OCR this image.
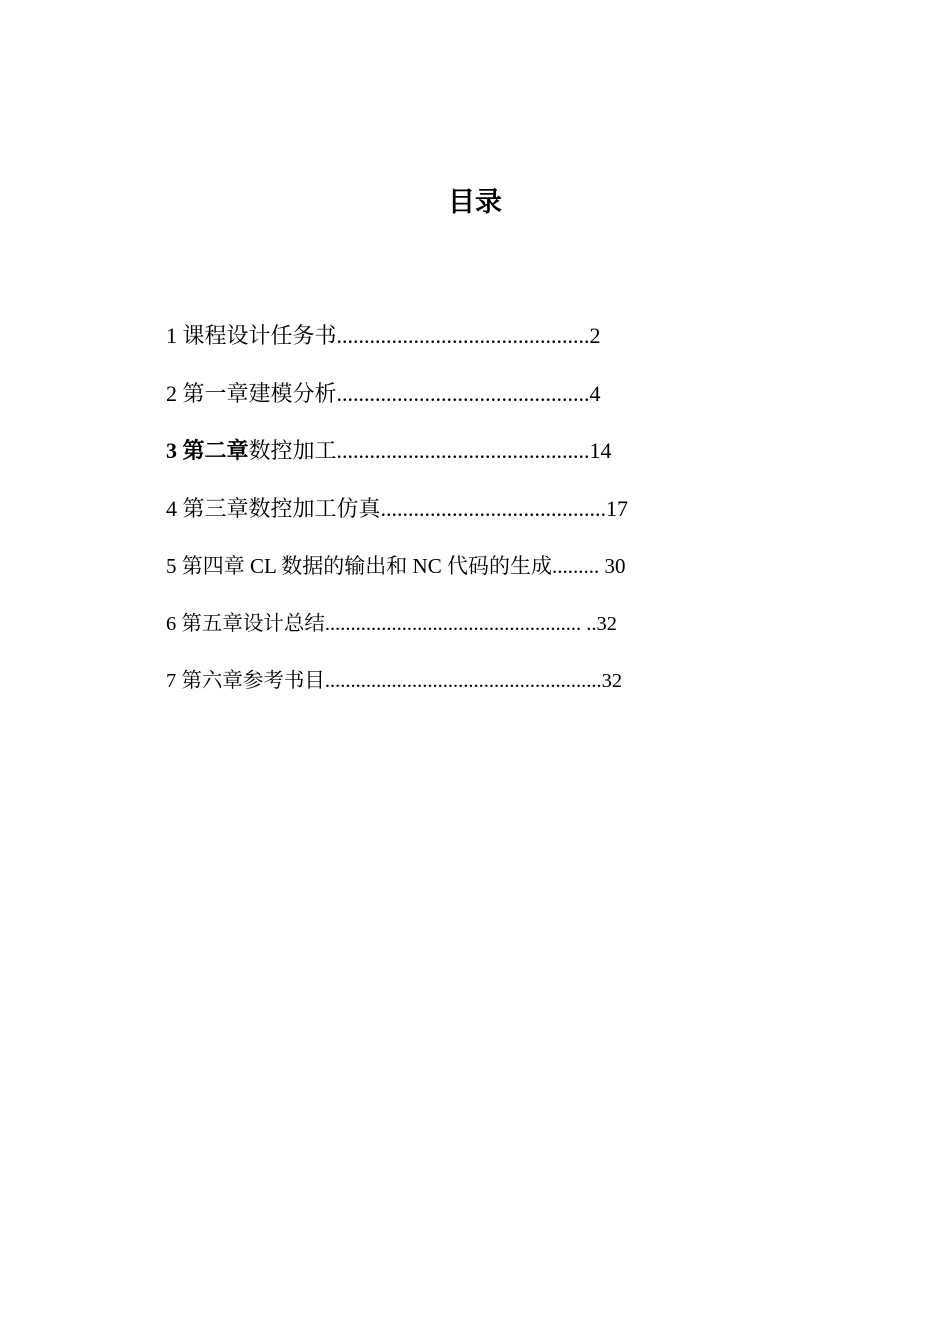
目录
1 课程设计任务书..............................................2
2 第一章建模分析..............................................4
3 第二章数控加工..............................................14
4 第三章数控加工仿真.........................................17
5 第四章 CL 数据的输出和 NC 代码的生成......... 30
6 第五章设计总结.................................................. ..32
7 第六章参考书目......................................................32
